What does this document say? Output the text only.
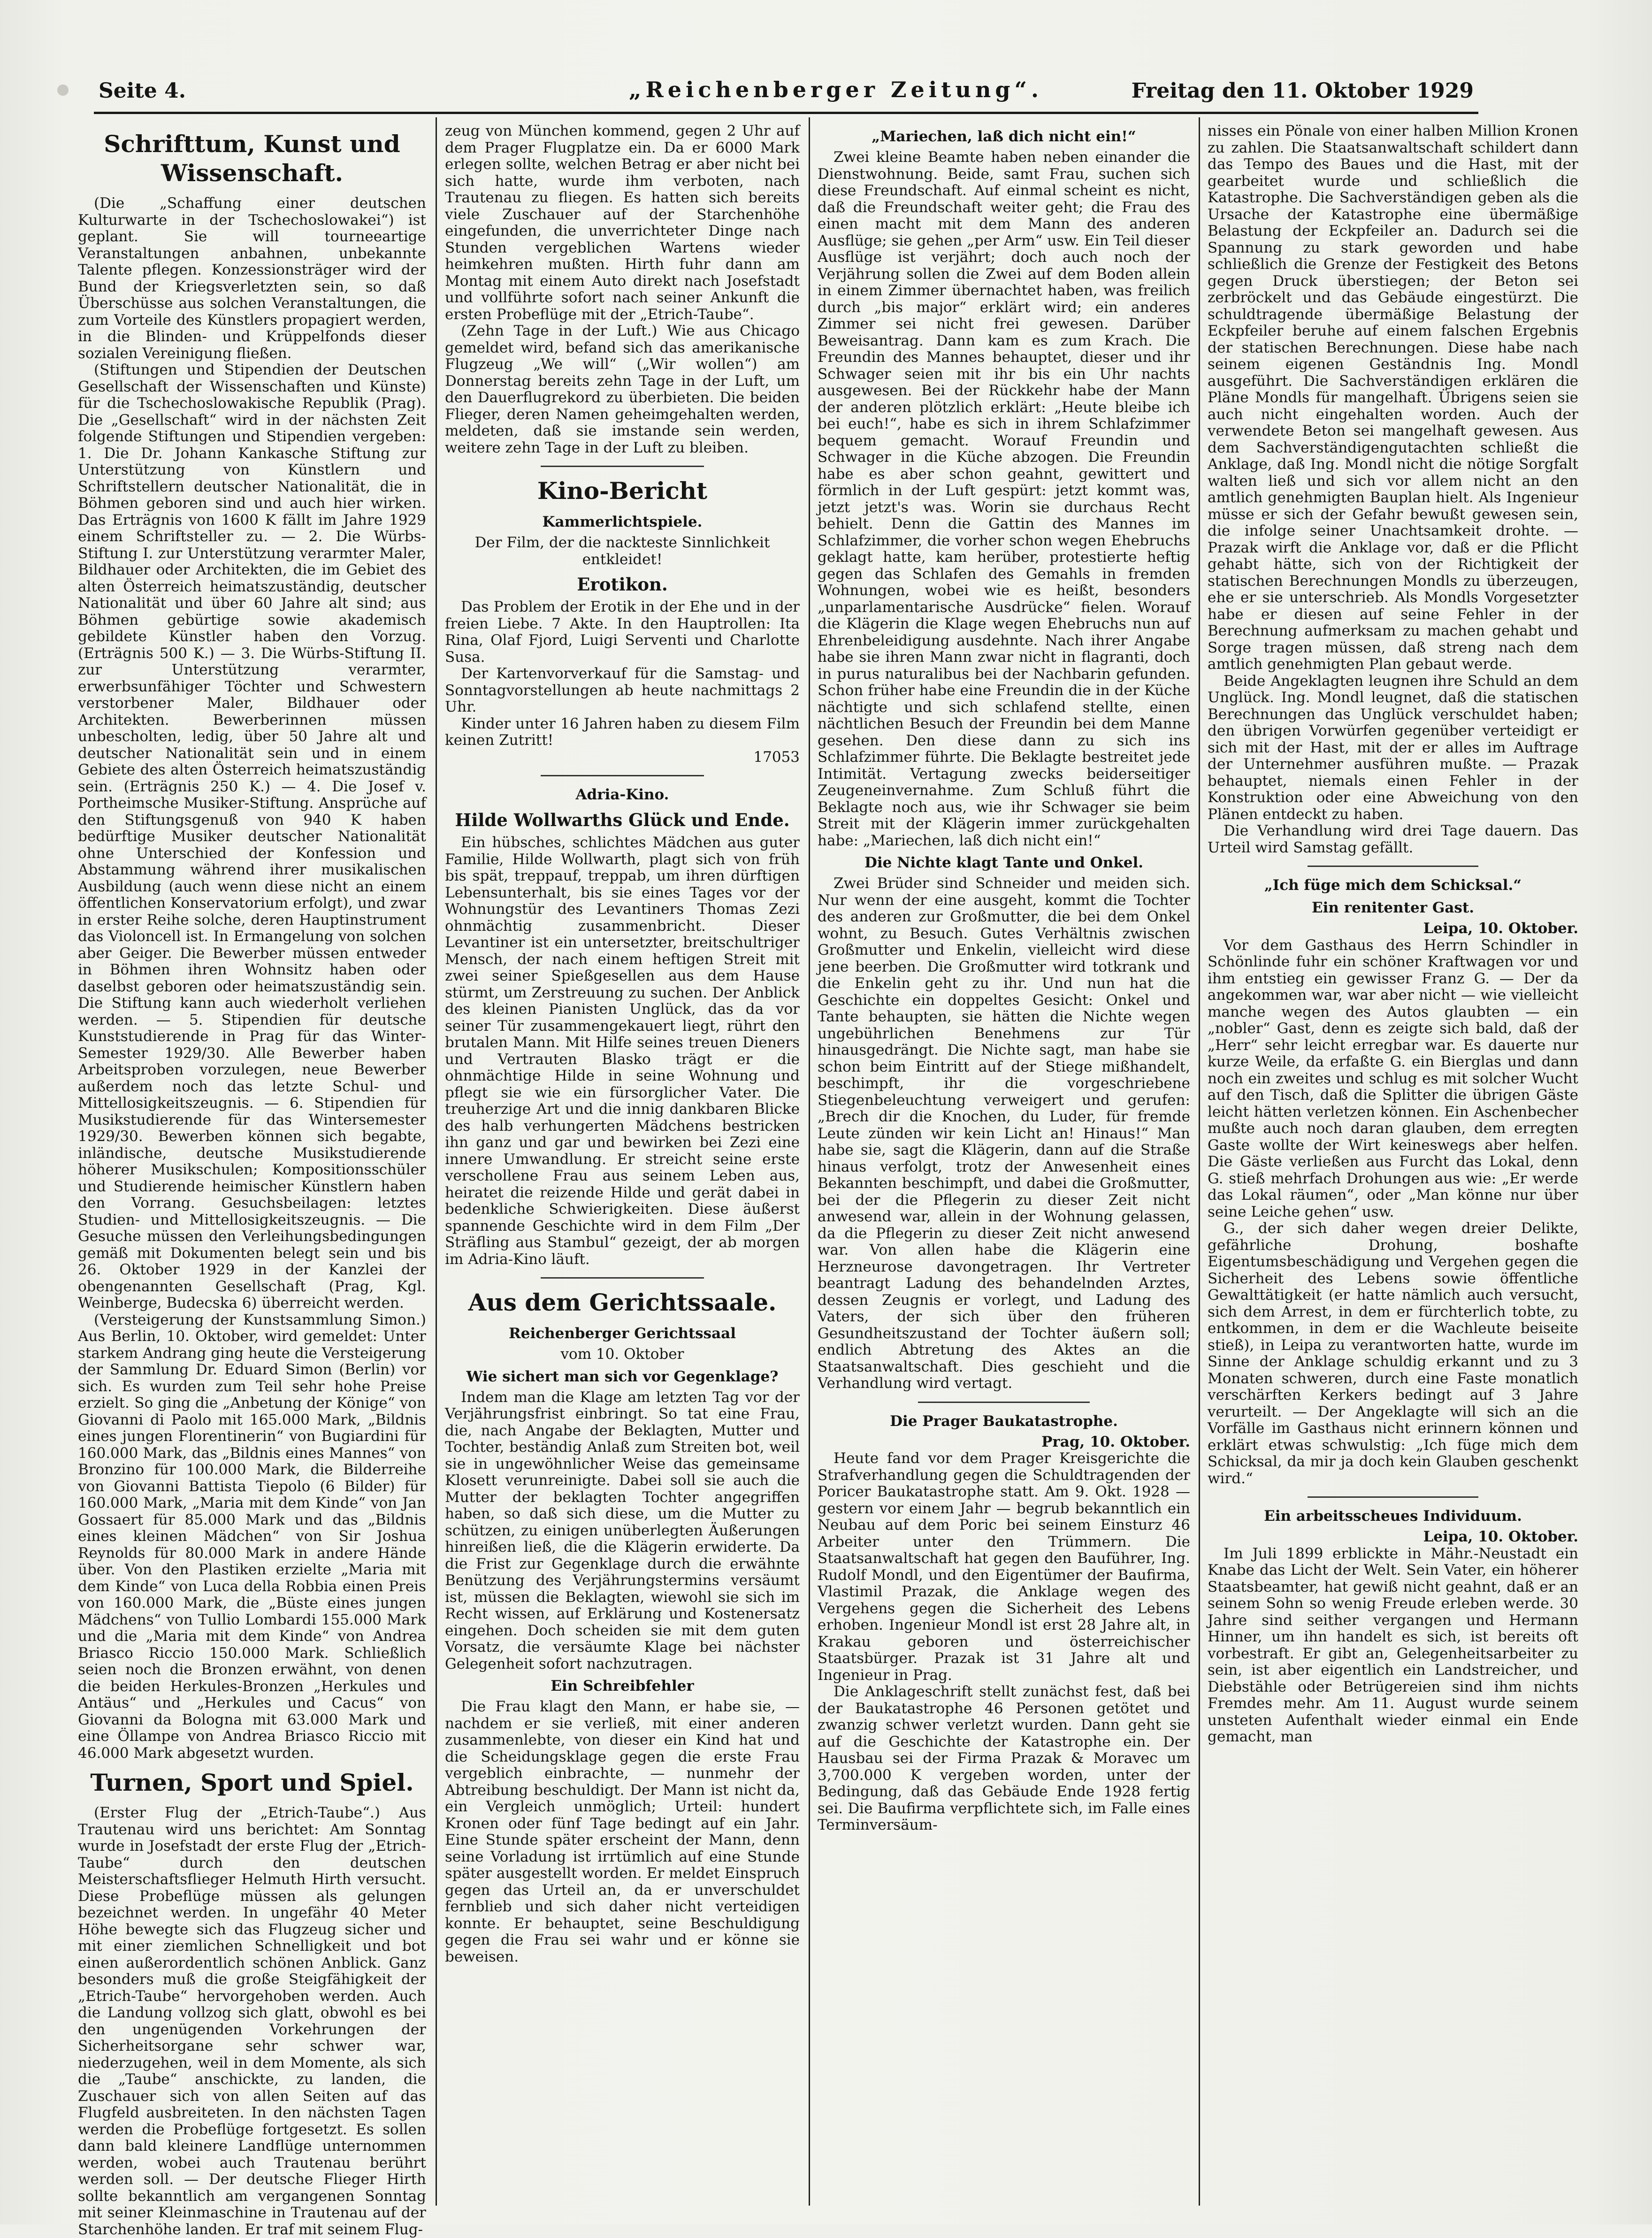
Seite 4.	„Reichenberger Zeitung“.	Freitag den 11. Oktober 1929
Schrifttum, Kunst und Wissenschaft.

(Die „Schaffung einer deutschen Kulturwarte in der Tschechoslowakei“) ist geplant. Sie will tourneeartige Veranstaltungen anbahnen, unbekannte Talente pflegen. Konzessionsträger wird der Bund der Kriegsverletzten sein, so daß Überschüsse aus solchen Veranstaltungen, die zum Vorteile des Künstlers propagiert werden, in die Blinden- und Krüppelfonds dieser sozialen Vereinigung fließen.

(Stiftungen und Stipendien der Deutschen Gesellschaft der Wissenschaften und Künste) für die Tschechoslowakische Republik (Prag). Die „Gesellschaft“ wird in der nächsten Zeit folgende Stiftungen und Stipendien vergeben: 1. Die Dr. Johann Kankasche Stiftung zur Unterstützung von Künstlern und Schriftstellern deutscher Nationalität, die in Böhmen geboren sind und auch hier wirken. Das Erträgnis von 1600 K fällt im Jahre 1929 einem Schriftsteller zu. — 2. Die Würbs-Stiftung I. zur Unterstützung verarmter Maler, Bildhauer oder Architekten, die im Gebiet des alten Österreich heimatszuständig, deutscher Nationalität und über 60 Jahre alt sind; aus Böhmen gebürtige sowie akademisch gebildete Künstler haben den Vorzug. (Erträgnis 500 K.) — 3. Die Würbs-Stiftung II. zur Unterstützung verarmter, erwerbsunfähiger Töchter und Schwestern verstorbener Maler, Bildhauer oder Architekten. Bewerberinnen müssen unbescholten, ledig, über 50 Jahre alt und deutscher Nationalität sein und in einem Gebiete des alten Österreich heimatszuständig sein. (Erträgnis 250 K.) — 4. Die Josef v. Portheimsche Musiker-Stiftung. Ansprüche auf den Stiftungsgenuß von 940 K haben bedürftige Musiker deutscher Nationalität ohne Unterschied der Konfession und Abstammung während ihrer musikalischen Ausbildung (auch wenn diese nicht an einem öffentlichen Konservatorium erfolgt), und zwar in erster Reihe solche, deren Hauptinstrument das Violoncell ist. In Ermangelung von solchen aber Geiger. Die Bewerber müssen entweder in Böhmen ihren Wohnsitz haben oder daselbst geboren oder heimatszuständig sein. Die Stiftung kann auch wiederholt verliehen werden. — 5. Stipendien für deutsche Kunststudierende in Prag für das Winter-Semester 1929/30. Alle Bewerber haben Arbeitsproben vorzulegen, neue Bewerber außerdem noch das letzte Schul- und Mittellosigkeitszeugnis. — 6. Stipendien für Musikstudierende für das Wintersemester 1929/30. Bewerben können sich begabte, inländische, deutsche Musikstudierende höherer Musikschulen; Kompositionsschüler und Studierende heimischer Künstlern haben den Vorrang. Gesuchsbeilagen: letztes Studien- und Mittellosigkeitszeugnis. — Die Gesuche müssen den Verleihungsbedingungen gemäß mit Dokumenten belegt sein und bis 26. Oktober 1929 in der Kanzlei der obengenannten Gesellschaft (Prag, Kgl. Weinberge, Budecska 6) überreicht werden.

(Versteigerung der Kunstsammlung Simon.) Aus Berlin, 10. Oktober, wird gemeldet: Unter starkem Andrang ging heute die Versteigerung der Sammlung Dr. Eduard Simon (Berlin) vor sich. Es wurden zum Teil sehr hohe Preise erzielt. So ging die „Anbetung der Könige“ von Giovanni di Paolo mit 165.000 Mark, „Bildnis eines jungen Florentinerin“ von Bugiardini für 160.000 Mark, das „Bildnis eines Mannes“ von Bronzino für 100.000 Mark, die Bilderreihe von Giovanni Battista Tiepolo (6 Bilder) für 160.000 Mark, „Maria mit dem Kinde“ von Jan Gossaert für 85.000 Mark und das „Bildnis eines kleinen Mädchen“ von Sir Joshua Reynolds für 80.000 Mark in andere Hände über. Von den Plastiken erzielte „Maria mit dem Kinde“ von Luca della Robbia einen Preis von 160.000 Mark, die „Büste eines jungen Mädchens“ von Tullio Lombardi 155.000 Mark und die „Maria mit dem Kinde“ von Andrea Briasco Riccio 150.000 Mark. Schließlich seien noch die Bronzen erwähnt, von denen die beiden Herkules-Bronzen „Herkules und Antäus“ und „Herkules und Cacus“ von Giovanni da Bologna mit 63.000 Mark und eine Öllampe von Andrea Briasco Riccio mit 46.000 Mark abgesetzt wurden.

Turnen, Sport und Spiel.

(Erster Flug der „Etrich-Taube“.) Aus Trautenau wird uns berichtet: Am Sonntag wurde in Josefstadt der erste Flug der „Etrich-Taube“ durch den deutschen Meisterschaftsflieger Helmuth Hirth versucht. Diese Probeflüge müssen als gelungen bezeichnet werden. In ungefähr 40 Meter Höhe bewegte sich das Flugzeug sicher und mit einer ziemlichen Schnelligkeit und bot einen außerordentlich schönen Anblick. Ganz besonders muß die große Steigfähigkeit der „Etrich-Taube“ hervorgehoben werden. Auch die Landung vollzog sich glatt, obwohl es bei den ungenügenden Vorkehrungen der Sicherheitsorgane sehr schwer war, niederzugehen, weil in dem Momente, als sich die „Taube“ anschickte, zu landen, die Zuschauer sich von allen Seiten auf das Flugfeld ausbreiteten. In den nächsten Tagen werden die Probeflüge fortgesetzt. Es sollen dann bald kleinere Landflüge unternommen werden, wobei auch Trautenau berührt werden soll. — Der deutsche Flieger Hirth sollte bekanntlich am vergangenen Sonntag mit seiner Kleinmaschine in Trautenau auf der Starchenhöhe landen. Er traf mit seinem Flug-

zeug von München kommend, gegen 2 Uhr auf dem Prager Flugplatze ein. Da er 6000 Mark erlegen sollte, welchen Betrag er aber nicht bei sich hatte, wurde ihm verboten, nach Trautenau zu fliegen. Es hatten sich bereits viele Zuschauer auf der Starchenhöhe eingefunden, die unverrichteter Dinge nach Stunden vergeblichen Wartens wieder heimkehren mußten. Hirth fuhr dann am Montag mit einem Auto direkt nach Josefstadt und vollführte sofort nach seiner Ankunft die ersten Probeflüge mit der „Etrich-Taube“.

(Zehn Tage in der Luft.) Wie aus Chicago gemeldet wird, befand sich das amerikanische Flugzeug „We will“ („Wir wollen“) am Donnerstag bereits zehn Tage in der Luft, um den Dauerflugrekord zu überbieten. Die beiden Flieger, deren Namen geheimgehalten werden, meldeten, daß sie imstande sein werden, weitere zehn Tage in der Luft zu bleiben.

Kino-Bericht
Kammerlichtspiele.

Der Film, der die nackteste Sinnlichkeit entkleidet!

Erotikon.

Das Problem der Erotik in der Ehe und in der freien Liebe. 7 Akte. In den Hauptrollen: Ita Rina, Olaf Fjord, Luigi Serventi und Charlotte Susa.

Der Kartenvorverkauf für die Samstag- und Sonntagvorstellungen ab heute nachmittags 2 Uhr.

Kinder unter 16 Jahren haben zu diesem Film keinen Zutritt!

17053

Adria-Kino.
Hilde Wollwarths Glück und Ende.

Ein hübsches, schlichtes Mädchen aus guter Familie, Hilde Wollwarth, plagt sich von früh bis spät, treppauf, treppab, um ihren dürftigen Lebensunterhalt, bis sie eines Tages vor der Wohnungstür des Levantiners Thomas Zezi ohnmächtig zusammenbricht. Dieser Levantiner ist ein untersetzter, breitschultriger Mensch, der nach einem heftigen Streit mit zwei seiner Spießgesellen aus dem Hause stürmt, um Zerstreuung zu suchen. Der Anblick des kleinen Pianisten Unglück, das da vor seiner Tür zusammengekauert liegt, rührt den brutalen Mann. Mit Hilfe seines treuen Dieners und Vertrauten Blasko trägt er die ohnmächtige Hilde in seine Wohnung und pflegt sie wie ein fürsorglicher Vater. Die treuherzige Art und die innig dankbaren Blicke des halb verhungerten Mädchens bestricken ihn ganz und gar und bewirken bei Zezi eine innere Umwandlung. Er streicht seine erste verschollene Frau aus seinem Leben aus, heiratet die reizende Hilde und gerät dabei in bedenkliche Schwierigkeiten. Diese äußerst spannende Geschichte wird in dem Film „Der Sträfling aus Stambul“ gezeigt, der ab morgen im Adria-Kino läuft.

Aus dem Gerichtssaale.
Reichenberger Gerichtssaal

vom 10. Oktober

Wie sichert man sich vor Gegenklage?

Indem man die Klage am letzten Tag vor der Verjährungsfrist einbringt. So tat eine Frau, die, nach Angabe der Beklagten, Mutter und Tochter, beständig Anlaß zum Streiten bot, weil sie in ungewöhnlicher Weise das gemeinsame Klosett verunreinigte. Dabei soll sie auch die Mutter der beklagten Tochter angegriffen haben, so daß sich diese, um die Mutter zu schützen, zu einigen unüberlegten Äußerungen hinreißen ließ, die die Klägerin erwiderte. Da die Frist zur Gegenklage durch die erwähnte Benützung des Verjährungstermins versäumt ist, müssen die Beklagten, wiewohl sie sich im Recht wissen, auf Erklärung und Kostenersatz eingehen. Doch scheiden sie mit dem guten Vorsatz, die versäumte Klage bei nächster Gelegenheit sofort nachzutragen.

Ein Schreibfehler

Die Frau klagt den Mann, er habe sie, — nachdem er sie verließ, mit einer anderen zusammenlebte, von dieser ein Kind hat und die Scheidungsklage gegen die erste Frau vergeblich einbrachte, — nunmehr der Abtreibung beschuldigt. Der Mann ist nicht da, ein Vergleich unmöglich; Urteil: hundert Kronen oder fünf Tage bedingt auf ein Jahr. Eine Stunde später erscheint der Mann, denn seine Vorladung ist irrtümlich auf eine Stunde später ausgestellt worden. Er meldet Einspruch gegen das Urteil an, da er unverschuldet fernblieb und sich daher nicht verteidigen konnte. Er behauptet, seine Beschuldigung gegen die Frau sei wahr und er könne sie beweisen.

„Mariechen, laß dich nicht ein!“

Zwei kleine Beamte haben neben einander die Dienstwohnung. Beide, samt Frau, suchen sich diese Freundschaft. Auf einmal scheint es nicht, daß die Freundschaft weiter geht; die Frau des einen macht mit dem Mann des anderen Ausflüge; sie gehen „per Arm“ usw. Ein Teil dieser Ausflüge ist verjährt; doch auch noch der Verjährung sollen die Zwei auf dem Boden allein in einem Zimmer übernachtet haben, was freilich durch „bis major“ erklärt wird; ein anderes Zimmer sei nicht frei gewesen. Darüber Beweisantrag. Dann kam es zum Krach. Die Freundin des Mannes behauptet, dieser und ihr Schwager seien mit ihr bis ein Uhr nachts ausgewesen. Bei der Rückkehr habe der Mann der anderen plötzlich erklärt: „Heute bleibe ich bei euch!“, habe es sich in ihrem Schlafzimmer bequem gemacht. Worauf Freundin und Schwager in die Küche abzogen. Die Freundin habe es aber schon geahnt, gewittert und förmlich in der Luft gespürt: jetzt kommt was, jetzt jetzt's was. Worin sie durchaus Recht behielt. Denn die Gattin des Mannes im Schlafzimmer, die vorher schon wegen Ehebruchs geklagt hatte, kam herüber, protestierte heftig gegen das Schlafen des Gemahls in fremden Wohnungen, wobei wie es heißt, besonders „unparlamentarische Ausdrücke“ fielen. Worauf die Klägerin die Klage wegen Ehebruchs nun auf Ehrenbeleidigung ausdehnte. Nach ihrer Angabe habe sie ihren Mann zwar nicht in flagranti, doch in purus naturalibus bei der Nachbarin gefunden. Schon früher habe eine Freundin die in der Küche nächtigte und sich schlafend stellte, einen nächtlichen Besuch der Freundin bei dem Manne gesehen. Den diese dann zu sich ins Schlafzimmer führte. Die Beklagte bestreitet jede Intimität. Vertagung zwecks beiderseitiger Zeugeneinvernahme. Zum Schluß führt die Beklagte noch aus, wie ihr Schwager sie beim Streit mit der Klägerin immer zurückgehalten habe: „Mariechen, laß dich nicht ein!“

Die Nichte klagt Tante und Onkel.

Zwei Brüder sind Schneider und meiden sich. Nur wenn der eine ausgeht, kommt die Tochter des anderen zur Großmutter, die bei dem Onkel wohnt, zu Besuch. Gutes Verhältnis zwischen Großmutter und Enkelin, vielleicht wird diese jene beerben. Die Großmutter wird totkrank und die Enkelin geht zu ihr. Und nun hat die Geschichte ein doppeltes Gesicht: Onkel und Tante behaupten, sie hätten die Nichte wegen ungebührlichen Benehmens zur Tür hinausgedrängt. Die Nichte sagt, man habe sie schon beim Eintritt auf der Stiege mißhandelt, beschimpft, ihr die vorgeschriebene Stiegenbeleuchtung verweigert und gerufen: „Brech dir die Knochen, du Luder, für fremde Leute zünden wir kein Licht an! Hinaus!“ Man habe sie, sagt die Klägerin, dann auf die Straße hinaus verfolgt, trotz der Anwesenheit eines Bekannten beschimpft, und dabei die Großmutter, bei der die Pflegerin zu dieser Zeit nicht anwesend war, allein in der Wohnung gelassen, da die Pflegerin zu dieser Zeit nicht anwesend war. Von allen habe die Klägerin eine Herzneurose davongetragen. Ihr Vertreter beantragt Ladung des behandelnden Arztes, dessen Zeugnis er vorlegt, und Ladung des Vaters, der sich über den früheren Gesundheitszustand der Tochter äußern soll; endlich Abtretung des Aktes an die Staatsanwaltschaft. Dies geschieht und die Verhandlung wird vertagt.

Die Prager Baukatastrophe.

Prag, 10. Oktober.

Heute fand vor dem Prager Kreisgerichte die Strafverhandlung gegen die Schuldtragenden der Poricer Baukatastrophe statt. Am 9. Okt. 1928 — gestern vor einem Jahr — begrub bekanntlich ein Neubau auf dem Poric bei seinem Einsturz 46 Arbeiter unter den Trümmern. Die Staatsanwaltschaft hat gegen den Bauführer, Ing. Rudolf Mondl, und den Eigentümer der Baufirma, Vlastimil Prazak, die Anklage wegen des Vergehens gegen die Sicherheit des Lebens erhoben. Ingenieur Mondl ist erst 28 Jahre alt, in Krakau geboren und österreichischer Staatsbürger. Prazak ist 31 Jahre alt und Ingenieur in Prag.

Die Anklageschrift stellt zunächst fest, daß bei der Baukatastrophe 46 Personen getötet und zwanzig schwer verletzt wurden. Dann geht sie auf die Geschichte der Katastrophe ein. Der Hausbau sei der Firma Prazak & Moravec um 3,700.000 K vergeben worden, unter der Bedingung, daß das Gebäude Ende 1928 fertig sei. Die Baufirma verpflichtete sich, im Falle eines Terminversäum-

nisses ein Pönale von einer halben Million Kronen zu zahlen. Die Staatsanwaltschaft schildert dann das Tempo des Baues und die Hast, mit der gearbeitet wurde und schließlich die Katastrophe. Die Sachverständigen geben als die Ursache der Katastrophe eine übermäßige Belastung der Eckpfeiler an. Dadurch sei die Spannung zu stark geworden und habe schließlich die Grenze der Festigkeit des Betons gegen Druck überstiegen; der Beton sei zerbröckelt und das Gebäude eingestürzt. Die schuldtragende übermäßige Belastung der Eckpfeiler beruhe auf einem falschen Ergebnis der statischen Berechnungen. Diese habe nach seinem eigenen Geständnis Ing. Mondl ausgeführt. Die Sachverständigen erklären die Pläne Mondls für mangelhaft. Übrigens seien sie auch nicht eingehalten worden. Auch der verwendete Beton sei mangelhaft gewesen. Aus dem Sachverständigengutachten schließt die Anklage, daß Ing. Mondl nicht die nötige Sorgfalt walten ließ und sich vor allem nicht an den amtlich genehmigten Bauplan hielt. Als Ingenieur müsse er sich der Gefahr bewußt gewesen sein, die infolge seiner Unachtsamkeit drohte. — Prazak wirft die Anklage vor, daß er die Pflicht gehabt hätte, sich von der Richtigkeit der statischen Berechnungen Mondls zu überzeugen, ehe er sie unterschrieb. Als Mondls Vorgesetzter habe er diesen auf seine Fehler in der Berechnung aufmerksam zu machen gehabt und Sorge tragen müssen, daß streng nach dem amtlich genehmigten Plan gebaut werde.

Beide Angeklagten leugnen ihre Schuld an dem Unglück. Ing. Mondl leugnet, daß die statischen Berechnungen das Unglück verschuldet haben; den übrigen Vorwürfen gegenüber verteidigt er sich mit der Hast, mit der er alles im Auftrage der Unternehmer ausführen mußte. — Prazak behauptet, niemals einen Fehler in der Konstruktion oder eine Abweichung von den Plänen entdeckt zu haben.

Die Verhandlung wird drei Tage dauern. Das Urteil wird Samstag gefällt.

„Ich füge mich dem Schicksal.“
Ein renitenter Gast.

Leipa, 10. Oktober.

Vor dem Gasthaus des Herrn Schindler in Schönlinde fuhr ein schöner Kraftwagen vor und ihm entstieg ein gewisser Franz G. — Der da angekommen war, war aber nicht — wie vielleicht manche wegen des Autos glaubten — ein „nobler“ Gast, denn es zeigte sich bald, daß der „Herr“ sehr leicht erregbar war. Es dauerte nur kurze Weile, da erfaßte G. ein Bierglas und dann noch ein zweites und schlug es mit solcher Wucht auf den Tisch, daß die Splitter die übrigen Gäste leicht hätten verletzen können. Ein Aschenbecher mußte auch noch daran glauben, dem erregten Gaste wollte der Wirt keineswegs aber helfen. Die Gäste verließen aus Furcht das Lokal, denn G. stieß mehrfach Drohungen aus wie: „Er werde das Lokal räumen“, oder „Man könne nur über seine Leiche gehen“ usw.

G., der sich daher wegen dreier Delikte, gefährliche Drohung, boshafte Eigentumsbeschädigung und Vergehen gegen die Sicherheit des Lebens sowie öffentliche Gewalttätigkeit (er hatte nämlich auch versucht, sich dem Arrest, in dem er fürchterlich tobte, zu entkommen, in dem er die Wachleute beiseite stieß), in Leipa zu verantworten hatte, wurde im Sinne der Anklage schuldig erkannt und zu 3 Monaten schweren, durch eine Faste monatlich verschärften Kerkers bedingt auf 3 Jahre verurteilt. — Der Angeklagte will sich an die Vorfälle im Gasthaus nicht erinnern können und erklärt etwas schwulstig: „Ich füge mich dem Schicksal, da mir ja doch kein Glauben geschenkt wird.“

Ein arbeitsscheues Individuum.

Leipa, 10. Oktober.

Im Juli 1899 erblickte in Mähr.-Neustadt ein Knabe das Licht der Welt. Sein Vater, ein höherer Staatsbeamter, hat gewiß nicht geahnt, daß er an seinem Sohn so wenig Freude erleben werde. 30 Jahre sind seither vergangen und Hermann Hinner, um ihn handelt es sich, ist bereits oft vorbestraft. Er gibt an, Gelegenheitsarbeiter zu sein, ist aber eigentlich ein Landstreicher, und Diebstähle oder Betrügereien sind ihm nichts Fremdes mehr. Am 11. August wurde seinem unsteten Aufenthalt wieder einmal ein Ende gemacht, man
